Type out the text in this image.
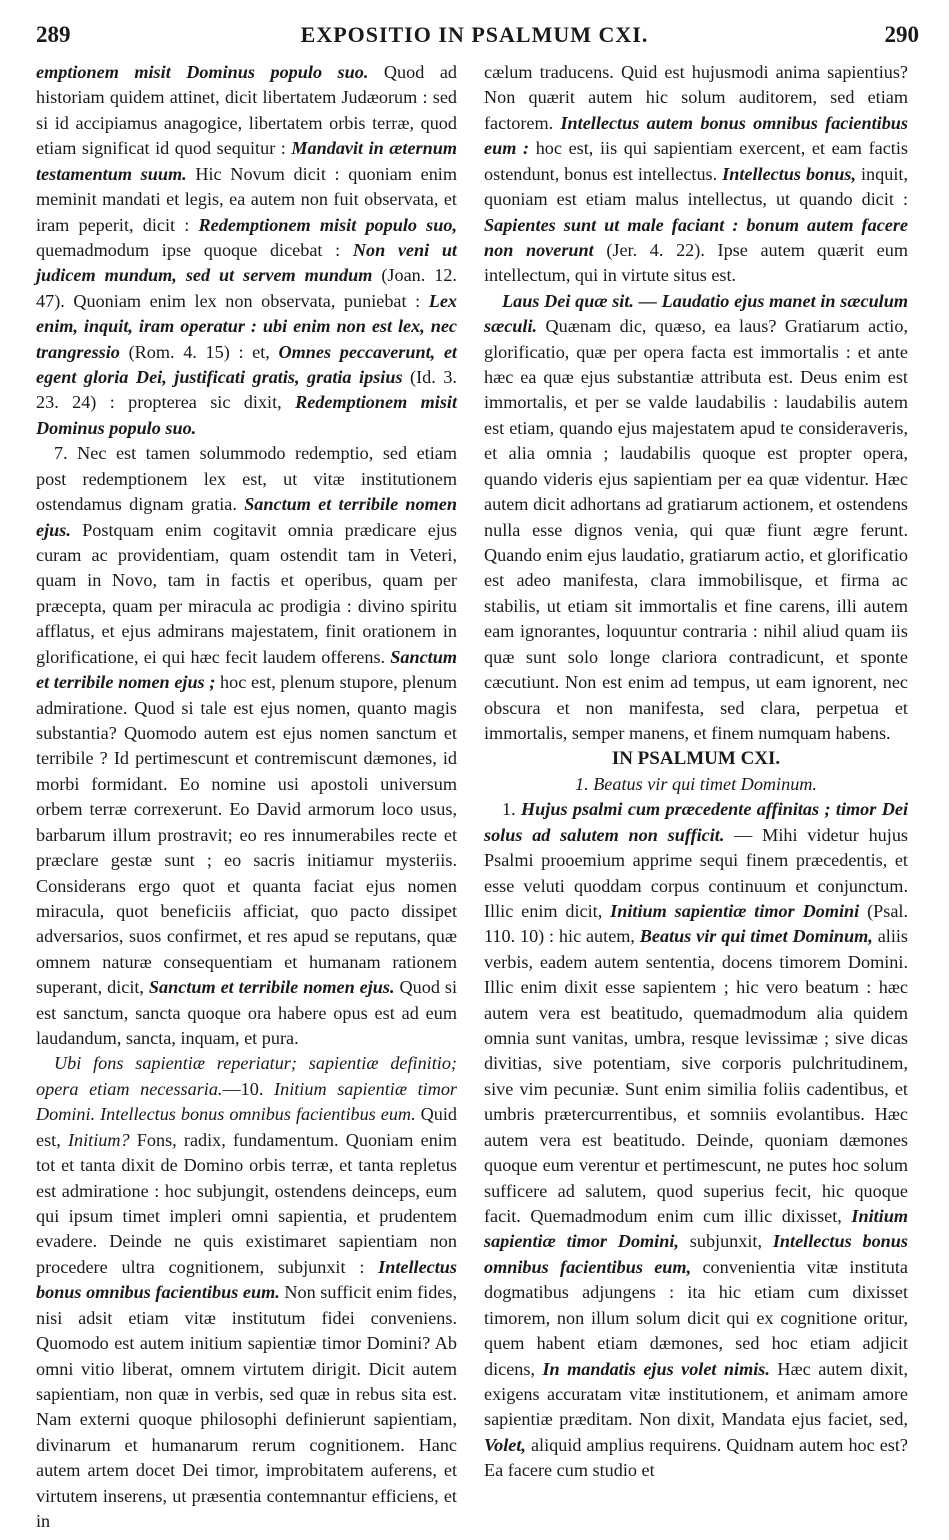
289	EXPOSITIO IN PSALMUM CXI.	290

emptionem misit Dominus populo suo. Quod ad historiam quidem attinet, dicit libertatem Judæorum : sed si id accipiamus anagogice, libertatem orbis terræ, quod etiam significat id quod sequitur : Mandavit in æternum testamentum suum. Hic Novum dicit : quoniam enim meminit mandati et legis, ea autem non fuit observata, et iram peperit, dicit : Redemptionem misit populo suo, quemadmodum ipse quoque dicebat : Non veni ut judicem mundum, sed ut servem mundum (Joan. 12. 47). Quoniam enim lex non observata, puniebat : Lex enim, inquit, iram operatur : ubi enim non est lex, nec trangressio (Rom. 4. 15) : et, Omnes peccaverunt, et egent gloria Dei, justificati gratis, gratia ipsius (Id. 3. 23. 24) : propterea sic dixit, Redemptionem misit Dominus populo suo.

7. Nec est tamen solummodo redemptio, sed etiam post redemptionem lex est, ut vitæ institutionem ostendamus dignam gratia. Sanctum et terribile nomen ejus. Postquam enim cogitavit omnia prædicare ejus curam ac providentiam, quam ostendit tam in Veteri, quam in Novo, tam in factis et operibus, quam per præcepta, quam per miracula ac prodigia : divino spiritu afflatus, et ejus admirans majestatem, finit orationem in glorificatione, ei qui hæc fecit laudem offerens. Sanctum et terribile nomen ejus ; hoc est, plenum stupore, plenum admiratione. Quod si tale est ejus nomen, quanto magis substantia? Quomodo autem est ejus nomen sanctum et terribile ? Id pertimescunt et contremiscunt dæmones, id morbi formidant. Eo nomine usi apostoli universum orbem terræ correxerunt. Eo David armorum loco usus, barbarum illum prostravit; eo res innumerabiles recte et præclare gestæ sunt ; eo sacris initiamur mysteriis. Considerans ergo quot et quanta faciat ejus nomen miracula, quot beneficiis afficiat, quo pacto dissipet adversarios, suos confirmet, et res apud se reputans, quæ omnem naturæ consequentiam et humanam rationem superant, dicit, Sanctum et terribile nomen ejus. Quod si est sanctum, sancta quoque ora habere opus est ad eum laudandum, sancta, inquam, et pura.

Ubi fons sapientiæ reperiatur; sapientiæ definitio; opera etiam necessaria.—10. Initium sapientiæ timor Domini. Intellectus bonus omnibus facientibus eum. Quid est, Initium? Fons, radix, fundamentum. Quoniam enim tot et tanta dixit de Domino orbis terræ, et tanta repletus est admiratione : hoc subjungit, ostendens deinceps, eum qui ipsum timet impleri omni sapientia, et prudentem evadere. Deinde ne quis existimaret sapientiam non procedere ultra cognitionem, subjunxit : Intellectus bonus omnibus facientibus eum. Non sufficit enim fides, nisi adsit etiam vitæ institutum fidei conveniens. Quomodo est autem initium sapientiæ timor Domini? Ab omni vitio liberat, omnem virtutem dirigit. Dicit autem sapientiam, non quæ in verbis, sed quæ in rebus sita est. Nam externi quoque philosophi definierunt sapientiam, divinarum et humanarum rerum cognitionem. Hanc autem artem docet Dei timor, improbitatem auferens, et virtutem inserens, ut præsentia contemnantur efficiens, et in

cælum traducens. Quid est hujusmodi anima sapientius? Non quærit autem hic solum auditorem, sed etiam factorem. Intellectus autem bonus omnibus facientibus eum : hoc est, iis qui sapientiam exercent, et eam factis ostendunt, bonus est intellectus. Intellectus bonus, inquit, quoniam est etiam malus intellectus, ut quando dicit : Sapientes sunt ut male faciant : bonum autem facere non noverunt (Jer. 4. 22). Ipse autem quærit eum intellectum, qui in virtute situs est.

Laus Dei quæ sit. — Laudatio ejus manet in sæculum sæculi. Quænam dic, quæso, ea laus? Gratiarum actio, glorificatio, quæ per opera facta est immortalis : et ante hæc ea quæ ejus substantiæ attributa est. Deus enim est immortalis, et per se valde laudabilis : laudabilis autem est etiam, quando ejus majestatem apud te consideraveris, et alia omnia ; laudabilis quoque est propter opera, quando videris ejus sapientiam per ea quæ videntur. Hæc autem dicit adhortans ad gratiarum actionem, et ostendens nulla esse dignos venia, qui quæ fiunt ægre ferunt. Quando enim ejus laudatio, gratiarum actio, et glorificatio est adeo manifesta, clara immobilisque, et firma ac stabilis, ut etiam sit immortalis et fine carens, illi autem eam ignorantes, loquuntur contraria : nihil aliud quam iis quæ sunt solo longe clariora contradicunt, et sponte cæcutiunt. Non est enim ad tempus, ut eam ignorent, nec obscura et non manifesta, sed clara, perpetua et immortalis, semper manens, et finem numquam habens.

IN PSALMUM CXI.

1. Beatus vir qui timet Dominum.

1. Hujus psalmi cum præcedente affinitas ; timor Dei solus ad salutem non sufficit. — Mihi videtur hujus Psalmi prooemium apprime sequi finem præcedentis, et esse veluti quoddam corpus continuum et conjunctum. Illic enim dicit, Initium sapientiæ timor Domini (Psal. 110. 10) : hic autem, Beatus vir qui timet Dominum, aliis verbis, eadem autem sententia, docens timorem Domini. Illic enim dixit esse sapientem ; hic vero beatum : hæc autem vera est beatitudo, quemadmodum alia quidem omnia sunt vanitas, umbra, resque levissimæ ; sive dicas divitias, sive potentiam, sive corporis pulchritudinem, sive vim pecuniæ. Sunt enim similia foliis cadentibus, et umbris prætercurrentibus, et somniis evolantibus. Hæc autem vera est beatitudo. Deinde, quoniam dæmones quoque eum verentur et pertimescunt, ne putes hoc solum sufficere ad salutem, quod superius fecit, hic quoque facit. Quemadmodum enim cum illic dixisset, Initium sapientiæ timor Domini, subjunxit, Intellectus bonus omnibus facientibus eum, convenientia vitæ instituta dogmatibus adjungens : ita hic etiam cum dixisset timorem, non illum solum dicit qui ex cognitione oritur, quem habent etiam dæmones, sed hoc etiam adjicit dicens, In mandatis ejus volet nimis. Hæc autem dixit, exigens accuratam vitæ institutionem, et animam amore sapientiæ præditam. Non dixit, Mandata ejus faciet, sed, Volet, aliquid amplius requirens. Quidnam autem hoc est? Ea facere cum studio et
